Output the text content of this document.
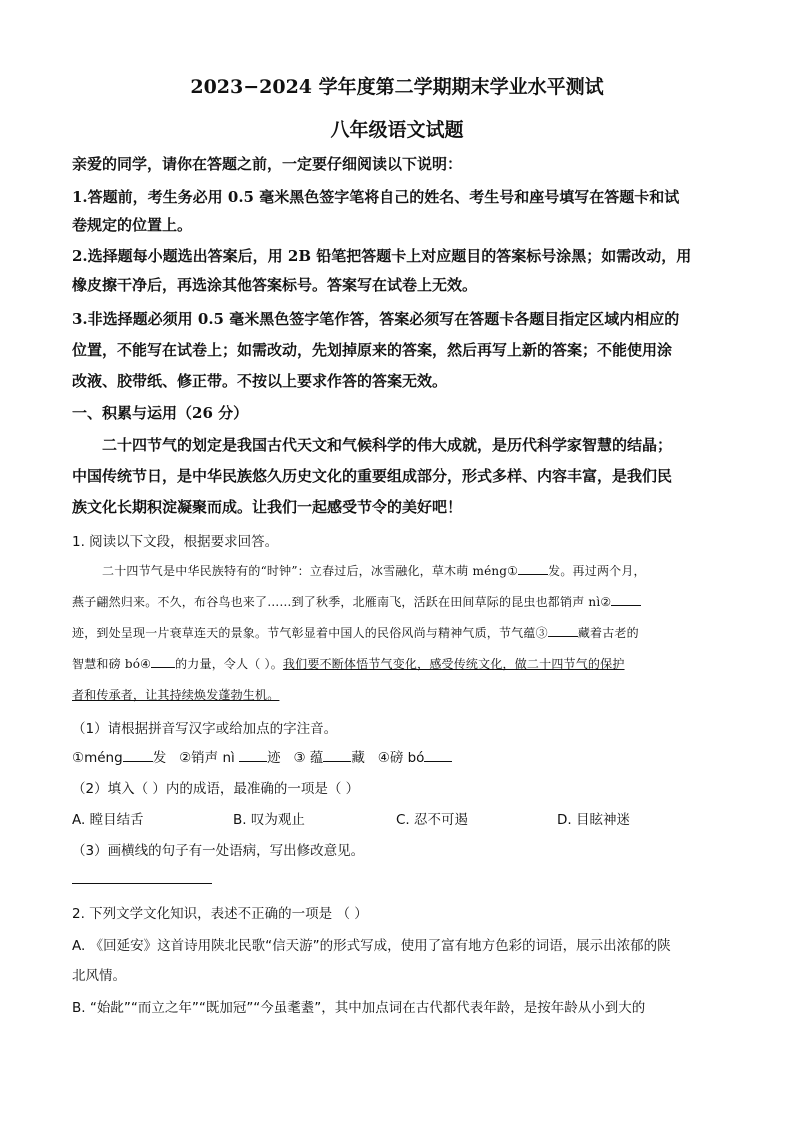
2023−2024 学年度第二学期期末学业水平测试
八年级语文试题
亲爱的同学，请你在答题之前，一定要仔细阅读以下说明：
1.答题前，考生务必用 0.5 毫米黑色签字笔将自己的姓名、考生号和座号填写在答题卡和试
卷规定的位置上。
2.选择题每小题选出答案后，用 2B 铅笔把答题卡上对应题目的答案标号涂黑；如需改动，用
橡皮擦干净后，再选涂其他答案标号。答案写在试卷上无效。
3.非选择题必须用 0.5 毫米黑色签字笔作答，答案必须写在答题卡各题目指定区域内相应的
位置，不能写在试卷上；如需改动，先划掉原来的答案，然后再写上新的答案；不能使用涂
改液、胶带纸、修正带。不按以上要求作答的答案无效。
一、积累与运用（26 分）
二十四节气的划定是我国古代天文和气候科学的伟大成就，是历代科学家智慧的结晶；
中国传统节日，是中华民族悠久历史文化的重要组成部分，形式多样、内容丰富，是我们民
族文化长期积淀凝聚而成。让我们一起感受节令的美好吧！
1. 阅读以下文段，根据要求回答。
二十四节气是中华民族特有的“时钟”：立春过后，冰雪融化，草木萌 méng①	发。再过两个月，
燕子翩然归来。不久，布谷鸟也来了……到了秋季，北雁南飞，活跃在田间草际的昆虫也都销声 nì②
迹，到处呈现一片衰草连天的景象。节气彰显着中国人的民俗风尚与精神气质，节气蕴③	藏着古老的
智慧和磅 bó④ 的力量，令人（ ）。我们要不断体悟节气变化，感受传统文化，做二十四节气的保护
者和传承者，让其持续焕发蓬勃生机。
（1）请根据拼音写汉字或给加点的字注音。
①méng 发 ②销声 nì 迹 ③ 蕴 藏 ④磅 bó
（2）填入（ ）内的成语，最准确的一项是（ ）
A. 瞠目结舌	B. 叹为观止	C. 忍不可遏	D. 目眩神迷
（3）画横线的句子有一处语病，写出修改意见。
2. 下列文学文化知识，表述不正确的一项是 （ ）
A. 《回延安》这首诗用陕北民歌“信天游”的形式写成，使用了富有地方色彩的词语，展示出浓郁的陕
北风情。
B. “始龀”“而立之年”“既加冠”“今虽耄耋”，其中加点词在古代都代表年龄，是按年龄从小到大的
